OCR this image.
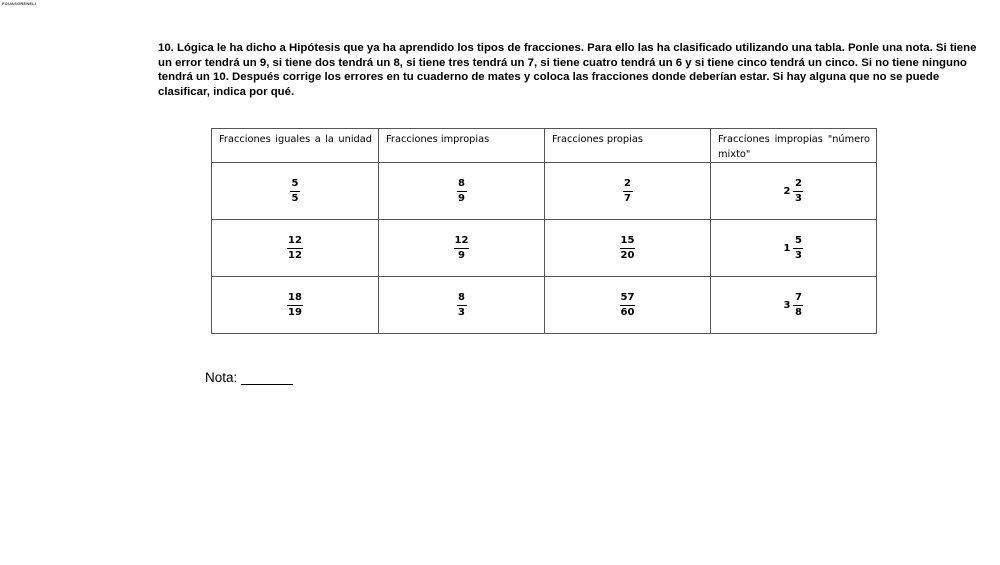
FOUASGRENELI
10. Lógica le ha dicho a Hipótesis que ya ha aprendido los tipos de fracciones. Para ello las ha clasificado utilizando una tabla. Ponle una nota. Si tiene un error tendrá un 9, si tiene dos tendrá un 8, si tiene tres tendrá un 7, si tiene cuatro tendrá un 6 y si tiene cinco tendrá un cinco. Si no tiene ninguno tendrá un 10. Después corrige los errores en tu cuaderno de mates y coloca las fracciones donde deberían estar. Si hay alguna que no se puede clasificar, indica por qué.
Fracciones iguales a la unidad	Fracciones impropias	Fracciones propias	Fracciones impropias "número mixto"

$\frac{5}{5}$	$\frac{8}{9}$	$\frac{2}{7}$	$2 \frac{2}{3}$

$\frac{12}{12}$	$\frac{12}{9}$	$\frac{15}{20}$	$1 \frac{5}{3}$

$\frac{18}{19}$	$\frac{8}{3}$	$\frac{57}{60}$	$3 \frac{7}{8}$
Nota:
